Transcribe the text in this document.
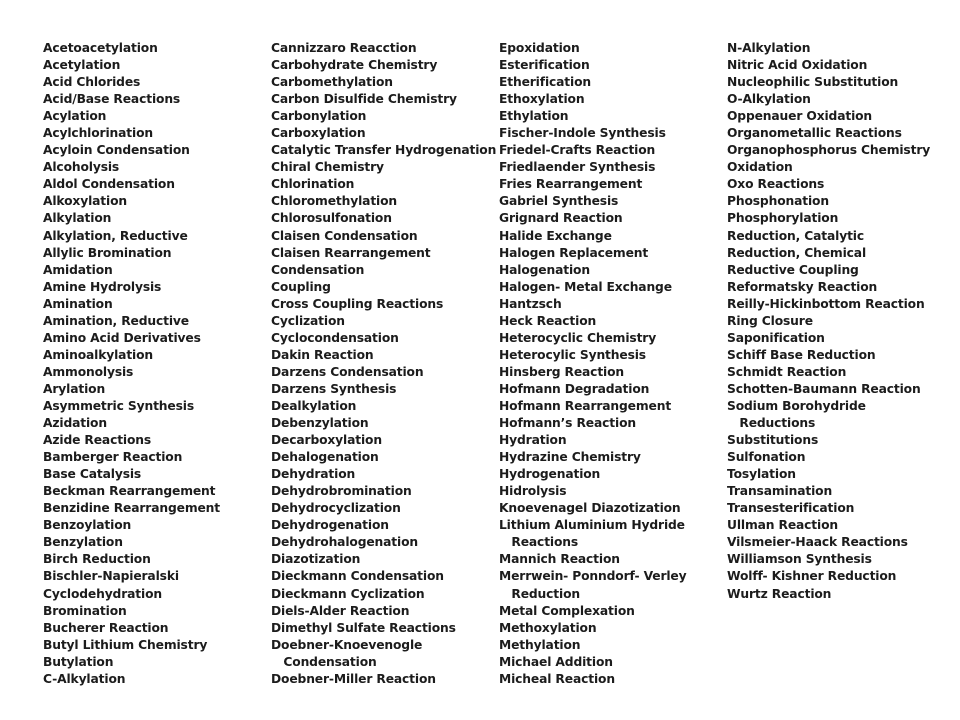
Acetoacetylation
Acetylation
Acid Chlorides
Acid/Base Reactions
Acylation
Acylchlorination
Acyloin Condensation
Alcoholysis
Aldol Condensation
Alkoxylation
Alkylation
Alkylation, Reductive
Allylic Bromination
Amidation
Amine Hydrolysis
Amination
Amination, Reductive
Amino Acid Derivatives
Aminoalkylation
Ammonolysis
Arylation
Asymmetric Synthesis
Azidation
Azide Reactions
Bamberger Reaction
Base Catalysis
Beckman Rearrangement
Benzidine Rearrangement
Benzoylation
Benzylation
Birch Reduction
Bischler-Napieralski
Cyclodehydration
Bromination
Bucherer Reaction
Butyl Lithium Chemistry
Butylation
C-Alkylation
Cannizzaro Reacction
Carbohydrate Chemistry
Carbomethylation
Carbon Disulfide Chemistry
Carbonylation
Carboxylation
Catalytic Transfer Hydrogenation
Chiral Chemistry
Chlorination
Chloromethylation
Chlorosulfonation
Claisen Condensation
Claisen Rearrangement
Condensation
Coupling
Cross Coupling Reactions
Cyclization
Cyclocondensation
Dakin Reaction
Darzens Condensation
Darzens Synthesis
Dealkylation
Debenzylation
Decarboxylation
Dehalogenation
Dehydration
Dehydrobromination
Dehydrocyclization
Dehydrogenation
Dehydrohalogenation
Diazotization
Dieckmann Condensation
Dieckmann Cyclization
Diels-Alder Reaction
Dimethyl Sulfate Reactions
Doebner-Knoevenogle
Condensation
Doebner-Miller Reaction
Epoxidation
Esterification
Etherification
Ethoxylation
Ethylation
Fischer-Indole Synthesis
Friedel-Crafts Reaction
Friedlaender Synthesis
Fries Rearrangement
Gabriel Synthesis
Grignard Reaction
Halide Exchange
Halogen Replacement
Halogenation
Halogen- Metal Exchange
Hantzsch
Heck Reaction
Heterocyclic Chemistry
Heterocylic Synthesis
Hinsberg Reaction
Hofmann Degradation
Hofmann Rearrangement
Hofmann’s Reaction
Hydration
Hydrazine Chemistry
Hydrogenation
Hidrolysis
Knoevenagel Diazotization
Lithium Aluminium Hydride
Reactions
Mannich Reaction
Merrwein- Ponndorf- Verley
Reduction
Metal Complexation
Methoxylation
Methylation
Michael Addition
Micheal Reaction
N-Alkylation
Nitric Acid Oxidation
Nucleophilic Substitution
O-Alkylation
Oppenauer Oxidation
Organometallic Reactions
Organophosphorus Chemistry
Oxidation
Oxo Reactions
Phosphonation
Phosphorylation
Reduction, Catalytic
Reduction, Chemical
Reductive Coupling
Reformatsky Reaction
Reilly-Hickinbottom Reaction
Ring Closure
Saponification
Schiff Base Reduction
Schmidt Reaction
Schotten-Baumann Reaction
Sodium Borohydride
Reductions
Substitutions
Sulfonation
Tosylation
Transamination
Transesterification
Ullman Reaction
Vilsmeier-Haack Reactions
Williamson Synthesis
Wolff- Kishner Reduction
Wurtz Reaction
